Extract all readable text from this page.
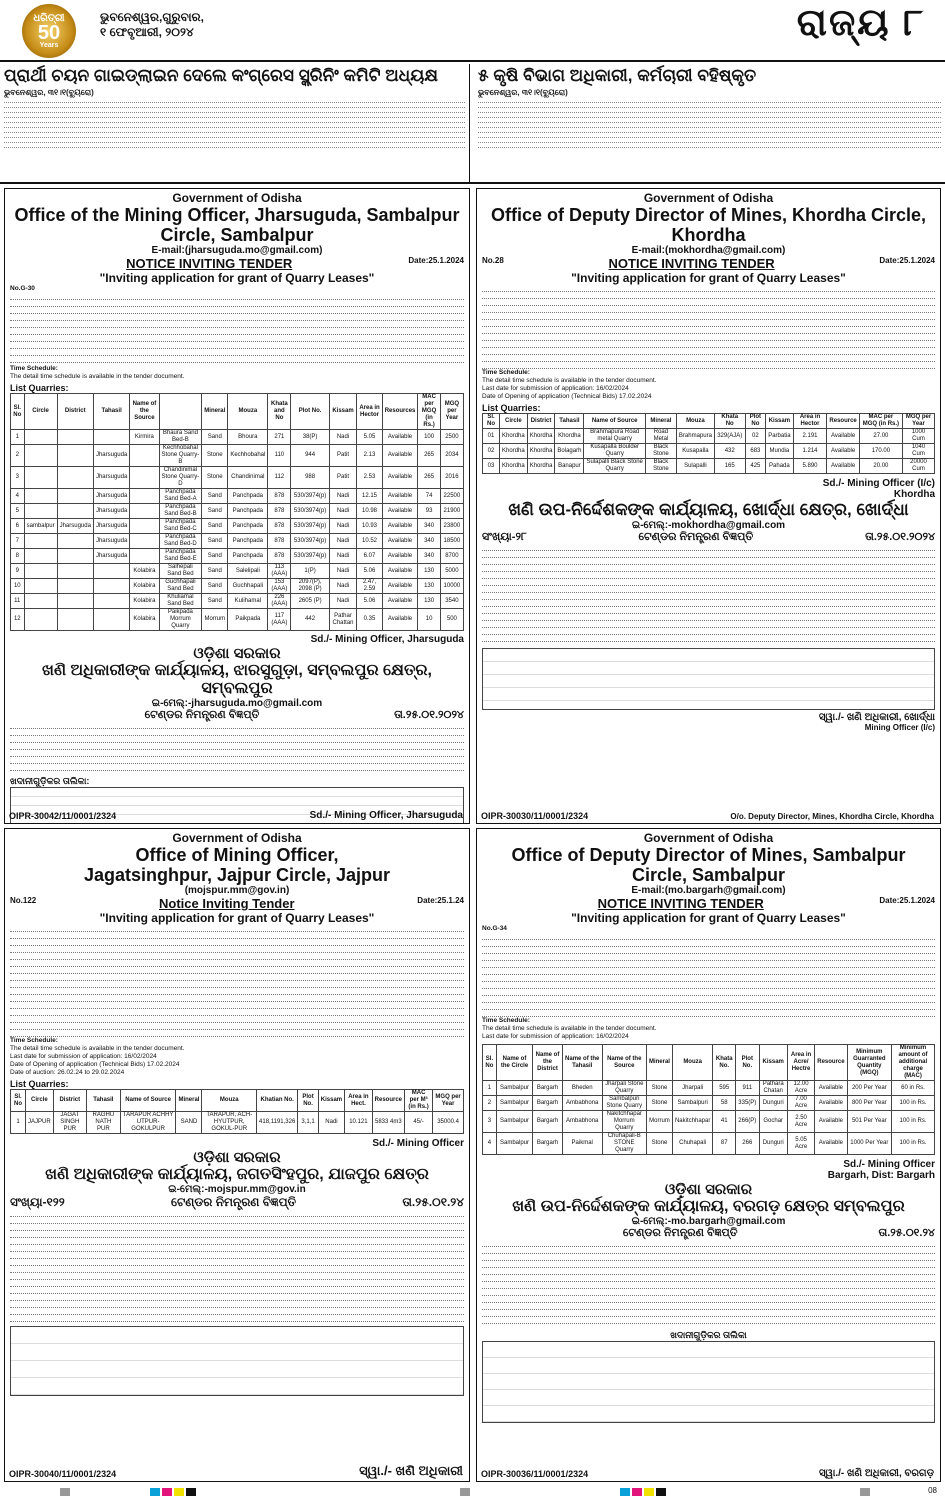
ଧରିତ୍ରୀ
50
Years
ଭୁବନେଶ୍ୱର,ଗୁରୁବାର,
୧ ଫେବୃଆରୀ, ୨୦୨୪	ରାଜ୍ୟ ୮
ପ୍ରାର୍ଥୀ ଚୟନ ଗାଇଡ୍‌ଲାଇନ ଦେଲେ କଂଗ୍ରେସ ସ୍କ୍ରିନିଂ କମିଟି ଅଧ୍ୟକ୍ଷ

ଭୁବନେଶ୍ୱର, ୩୧।୧(ବ୍ୟୁରୋ)

୫ କୃଷି ବିଭାଗ ଅଧିକାରୀ, କର୍ମଚାରୀ ବହିଷ୍କୃତ

ଭୁବନେଶ୍ୱର, ୩୧।୧(ବ୍ୟୁରୋ)

Government of Odisha
Office of the Mining Officer, Jharsuguda, Sambalpur Circle, Sambalpur
E-mail:(jharsuguda.mo@gmail.com)
NOTICE INVITING TENDER	Date:25.1.2024
"Inviting application for grant of Quarry Leases"
No.G-30
Time Schedule:
The detail time schedule is available in the tender document.
List Quarries:
Sl. No	Circle	District	Tahasil	Name of the Source		Mineral	Mouza	Khata and No	Plot No.	Kissam	Area in Hector	Resources	MAC per MGQ (in Rs.)	MGQ per Year
1				Kirmira	Bhaura Sand Bed-B	Sand	Bhoura	271	38(P)	Nadi	5.05	Available	100	2500
2			Jharsuguda		Kechhobahal Stone Quarry-B	Stone	Kechhobahal	110	944	Patit	2.13	Available	265	2034
3			Jharsuguda		Chandinimal Stone Quarry-D	Stone	Chandinimal	112	988	Patit	2.53	Available	265	2016
4			Jharsuguda		Panchpada Sand Bed-A	Sand	Panchpada	878	530/3974(p)	Nadi	12.15	Available	74	22500
5			Jharsuguda		Panchpada Sand Bed-B	Sand	Panchpada	878	530/3974(p)	Nadi	10.98	Available	93	21900
6	sambalpur	Jharsuguda	Jharsuguda		Panchpada Sand Bed-C	Sand	Panchpada	878	530/3974(p)	Nadi	10.93	Available	340	23800
7			Jharsuguda		Panchpada Sand Bed-D	Sand	Panchpada	878	530/3974(p)	Nadi	10.52	Available	340	18500
8			Jharsuguda		Panchpada Sand Bed-E	Sand	Panchpada	878	530/3974(p)	Nadi	6.07	Available	340	8700
9				Kolabira	Salhepali Sand Bed	Sand	Salelipali	113 (AAA)	1(P)	Nadi	5.06	Available	130	5000
10				Kolabira	Guchhapali Sand Bed	Sand	Guchhapali	153 (AAA)	2097(P), 2098 (P)	Nadi	2.47, 2.59	Available	130	10000
11				Kolabira	Khuliamal Sand Bed	Sand	Kulihamal	226 (AAA)	2605 (P)	Nadi	5.06	Available	130	3540
12				Kolabira	Paikpada Morrum Quarry	Morrum	Paikpada	117 (AAA)	442	Pathar Chattan	0.35	Available	10	500
Sd./- Mining Officer, Jharsuguda
ଓଡ଼ିଶା ସରକାର
ଖଣି ଅଧିକାରୀଙ୍କ କାର୍ଯ୍ୟାଳୟ, ଝାରସୁଗୁଡ଼ା, ସମ୍ବଲପୁର କ୍ଷେତ୍ର, ସମ୍ବଲପୁର
ଇ-ମେଲ୍:-jharsuguda.mo@gmail.com
ଟେଣ୍ଡର ନିମନ୍ତ୍ରଣ ବିଜ୍ଞପ୍ତି	ତା.୨୫.୦୧.୨୦୨୪
ଖଦାନୀଗୁଡ଼ିକର ତାଲିକା:
OIPR-30042/11/0001/2324	Sd./- Mining Officer, Jharsuguda
Government of Odisha
Office of Deputy Director of Mines, Khordha Circle, Khordha
E-mail:(mokhordha@gmail.com)
No.28	NOTICE INVITING TENDER	Date:25.1.2024
"Inviting application for grant of Quarry Leases"
Time Schedule:
The detail time schedule is available in the tender document.
Last date for submission of application: 16/02/2024
Date of Opening of application (Technical Bids) 17.02.2024
List Quarries:
Sl. No	Circle	District	Tahasil	Name of Source	Mineral	Mouza	Khata No	Plot No	Kissam	Area in Hector	Resource	MAC per MGQ (in Rs.)	MGQ per Year
01	Khordha	Khordha	Khordha	Brahmapura Road metal Quarry	Road Metal	Brahmapura	329(AJA)	02	Parbatia	2.191	Available	27.00	1000 Cum
02	Khordha	Khordha	Bolagarh	Kusapalla Boulder Quarry	Black Stone	Kusapalla	432	683	Mundia	1.214	Available	170.00	1040 Cum
03	Khordha	Khordha	Banapur	Sulapalli Black Stone Quarry	Black Stone	Sulapalli	165	425	Pahada	5.890	Available	20.00	20000 Cum
Sd./- Mining Officer (I/c)
Khordha
ଖଣି ଉପ-ନିର୍ଦ୍ଦେଶକଙ୍କ କାର୍ଯ୍ୟାଳୟ, ଖୋର୍ଦ୍ଧା କ୍ଷେତ୍ର, ଖୋର୍ଦ୍ଧା
ଇ-ମେଲ୍:-mokhordha@gmail.com
ସଂଖ୍ୟା-୨୮	ଟେଣ୍ଡର ନିମନ୍ତ୍ରଣ ବିଜ୍ଞପ୍ତି	ତା.୨୫.୦୧.୨୦୨୪
ସ୍ୱା./- ଖଣି ଅଧିକାରୀ, ଖୋର୍ଦ୍ଧା
Mining Officer (I/c)
OIPR-30030/11/0001/2324	O/o. Deputy Director, Mines, Khordha Circle, Khordha
Government of Odisha
Office of Mining Officer,
Jagatsinghpur, Jajpur Circle, Jajpur
(mojspur.mm@gov.in)
No.122	Notice Inviting Tender	Date:25.1.24
"Inviting application for grant of Quarry Leases"
Time Schedule:
The detail time schedule is available in the tender document.
Last date for submission of application: 16/02/2024
Date of Opening of application (Technical Bids) 17.02.2024
Date of auction: 26.02.24 to 29.02.2024
List Quarries:
Sl. No	Circle	District	Tahasil	Name of Source	Mineral	Mouza	Khatian No.	Plot No.	Kissam	Area in Hect.	Resource	MAC per M³ (in Rs.)	MGQ per Year
1	JAJPUR	JAGAT SINGH PUR	RAGHU NATH PUR	TARAPUR ACHHY UTPUR-GOKULPUR	SAND	TARAPUR, ACH-HYUTPUR, GOKUL-PUR	418,1191,326	3,1,1	Nadi	10.121	5833 4m3	45/-	35000.4
Sd./- Mining Officer
ଓଡ଼ିଶା ସରକାର
ଖଣି ଅଧିକାରୀଙ୍କ କାର୍ଯ୍ୟାଳୟ, ଜଗତସିଂହପୁର, ଯାଜପୁର କ୍ଷେତ୍ର
ଇ-ମେଲ୍:-mojspur.mm@gov.in
ସଂଖ୍ୟା-୧୨୨	ଟେଣ୍ଡର ନିମନ୍ତ୍ରଣ ବିଜ୍ଞପ୍ତି	ତା.୨୫.୦୧.୨୪
OIPR-30040/11/0001/2324	ସ୍ୱା./- ଖଣି ଅଧିକାରୀ
Government of Odisha
Office of Deputy Director of Mines, Sambalpur Circle, Sambalpur
E-mail:(mo.bargarh@gmail.com)
NOTICE INVITING TENDER	Date:25.1.2024
"Inviting application for grant of Quarry Leases"
No.G-34
Time Schedule:
The detail time schedule is available in the tender document.
Last date for submission of application: 16/02/2024
Sl. No	Name of the Circle	Name of the District	Name of the Tahasil	Name of the Source	Mineral	Mouza	Khata No.	Plot No.	Kissam	Area in Acre/ Hectre	Resource	Minimum Guarranted Quantity (MGQ)	Minimum amount of additional charge (MAC)
1	Sambalpur	Bargarh	Bheden	Jharpali Stone Quarry	Stone	Jharpali	595	911	Pathara Chatan	12.00 Acre	Available	200 Per Year	60 in Rs.
2	Sambalpur	Bargarh	Ambabhona	Sambalpuri Stone Quarry	Stone	Sambalpuri	58	335(P)	Dunguri	7.00 Acre	Available	800 Per Year	100 in Rs.
3	Sambalpur	Bargarh	Ambabhona	Nakitchhapar Morrum Quarry	Morrum	Nakitchhapar	41	266(P)	Gochar	2.50 Acre	Available	501 Per Year	100 in Rs.
4	Sambalpur	Bargarh	Paikmal	Chuhapali-B STONE Quarry	Stone	Chuhapali	87	266	Dunguri	5.05 Acre	Available	1000 Per Year	100 in Rs.
Sd./- Mining Officer
Bargarh, Dist: Bargarh
ଓଡ଼ିଶା ସରକାର
ଖଣି ଉପ-ନିର୍ଦ୍ଦେଶକଙ୍କ କାର୍ଯ୍ୟାଳୟ, ବରଗଡ଼ କ୍ଷେତ୍ର ସମ୍ବଲପୁର
ଇ-ମେଲ୍:-mo.bargarh@gmail.com
ଟେଣ୍ଡର ନିମନ୍ତ୍ରଣ ବିଜ୍ଞପ୍ତି	ତା.୨୫.୦୧.୨୪
ଖଦାନୀଗୁଡ଼ିକର ତାଲିକା
OIPR-30036/11/0001/2324	ସ୍ୱା./- ଖଣି ଅଧିକାରୀ, ବରଗଡ଼
08
